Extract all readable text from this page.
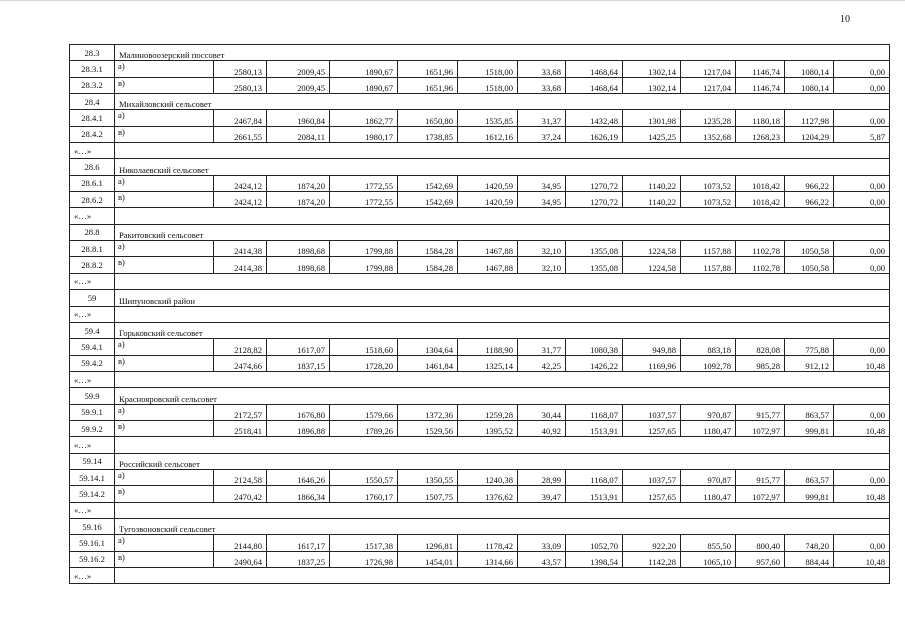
10
28.3	Малиновоозерский поссовет												
28.3.1	а)	2580,13	2009,45	1890,67	1651,96	1518,00	33,68	1468,64	1302,14	1217,04	1146,74	1080,14	0,00
28.3.2	в)	2580,13	2009,45	1890,67	1651,96	1518,00	33,68	1468,64	1302,14	1217,04	1146,74	1080,14	0,00
28.4	Михайловский сельсовет												
28.4.1	а)	2467,84	1960,84	1862,77	1650,80	1535,85	31,37	1432,48	1301,98	1235,28	1180,18	1127,98	0,00
28.4.2	в)	2661,55	2084,11	1980,17	1738,85	1612,16	37,24	1626,19	1425,25	1352,68	1268,23	1204,29	5,87
«…»													
28.6	Николаевский сельсовет												
28.6.1	а)	2424,12	1874,20	1772,55	1542,69	1420,59	34,95	1270,72	1140,22	1073,52	1018,42	966,22	0,00
28.6.2	в)	2424,12	1874,20	1772,55	1542,69	1420,59	34,95	1270,72	1140,22	1073,52	1018,42	966,22	0,00
«…»													
28.8	Ракитовский сельсовет												
28.8.1	а)	2414,38	1898,68	1799,88	1584,28	1467,88	32,10	1355,08	1224,58	1157,88	1102,78	1050,58	0,00
28.8.2	в)	2414,38	1898,68	1799,88	1584,28	1467,88	32,10	1355,08	1224,58	1157,88	1102,78	1050,58	0,00
«…»													
59	Шипуновский район												
«…»													
59.4	Горьковский сельсовет												
59.4.1	а)	2128,82	1617,07	1518,60	1304,64	1188,90	31,77	1080,38	949,88	883,18	828,08	775,88	0,00
59.4.2	в)	2474,66	1837,15	1728,20	1461,84	1325,14	42,25	1426,22	1169,96	1092,78	985,28	912,12	10,48
«…»													
59.9	Краснояровский сельсовет												
59.9.1	а)	2172,57	1676,80	1579,66	1372,36	1259,28	30,44	1168,07	1037,57	970,87	915,77	863,57	0,00
59.9.2	в)	2518,41	1896,88	1789,26	1529,56	1395,52	40,92	1513,91	1257,65	1180,47	1072,97	999,81	10,48
«…»													
59.14	Российский сельсовет												
59.14.1	а)	2124,58	1646,26	1550,57	1350,55	1240,38	28,99	1168,07	1037,57	970,87	915,77	863,57	0,00
59.14.2	в)	2470,42	1866,34	1760,17	1507,75	1376,62	39,47	1513,91	1257,65	1180,47	1072,97	999,81	10,48
«…»													
59.16	Тугозвоновский сельсовет												
59.16.1	а)	2144,80	1617,17	1517,38	1296,81	1178,42	33,09	1052,70	922,20	855,50	800,40	748,20	0,00
59.16.2	в)	2490,64	1837,25	1726,98	1454,01	1314,66	43,57	1398,54	1142,28	1065,10	957,60	884,44	10,48
«…»													
